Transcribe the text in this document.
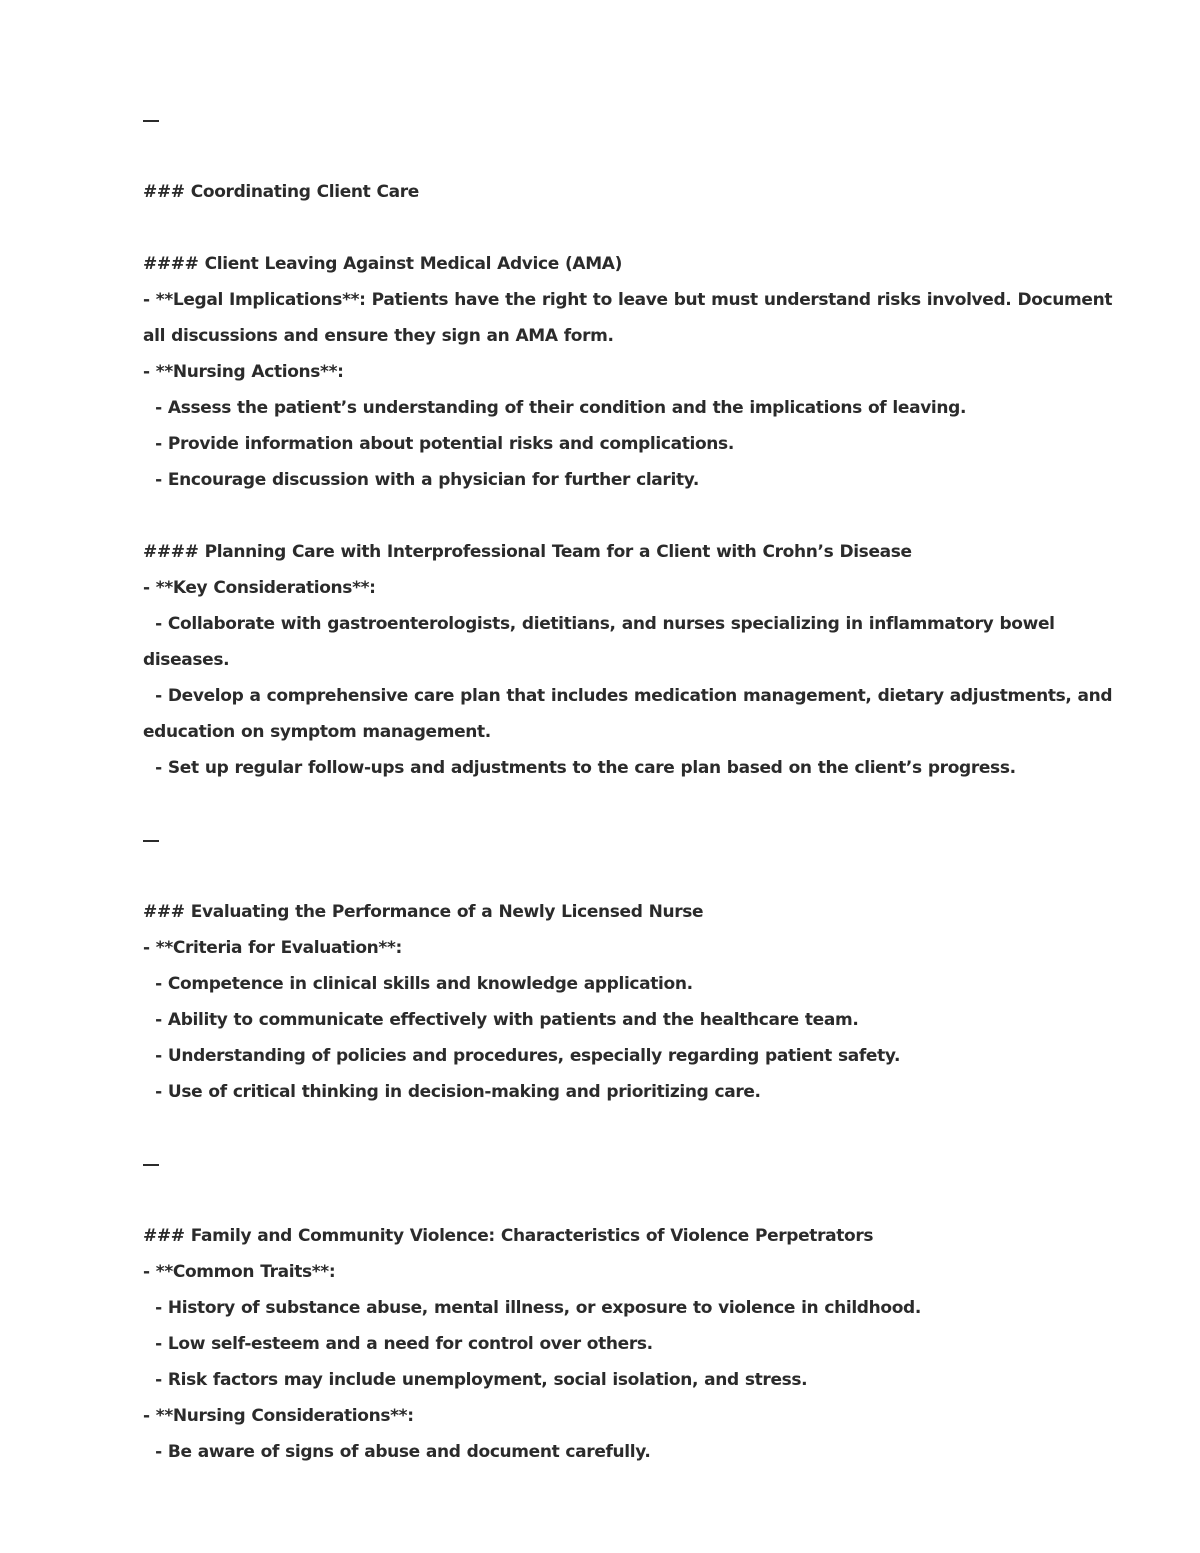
### Coordinating Client Care

#### Client Leaving Against Medical Advice (AMA)

- **Legal Implications**: Patients have the right to leave but must understand risks involved. Document all discussions and ensure they sign an AMA form.

- **Nursing Actions**:

- Assess the patient’s understanding of their condition and the implications of leaving.

- Provide information about potential risks and complications.

- Encourage discussion with a physician for further clarity.

#### Planning Care with Interprofessional Team for a Client with Crohn’s Disease

- **Key Considerations**:

- Collaborate with gastroenterologists, dietitians, and nurses specializing in inflammatory bowel diseases.

- Develop a comprehensive care plan that includes medication management, dietary adjustments, and education on symptom management.

- Set up regular follow-ups and adjustments to the care plan based on the client’s progress.

### Evaluating the Performance of a Newly Licensed Nurse

- **Criteria for Evaluation**:

- Competence in clinical skills and knowledge application.

- Ability to communicate effectively with patients and the healthcare team.

- Understanding of policies and procedures, especially regarding patient safety.

- Use of critical thinking in decision-making and prioritizing care.

### Family and Community Violence: Characteristics of Violence Perpetrators

- **Common Traits**:

- History of substance abuse, mental illness, or exposure to violence in childhood.

- Low self-esteem and a need for control over others.

- Risk factors may include unemployment, social isolation, and stress.

- **Nursing Considerations**:

- Be aware of signs of abuse and document carefully.
